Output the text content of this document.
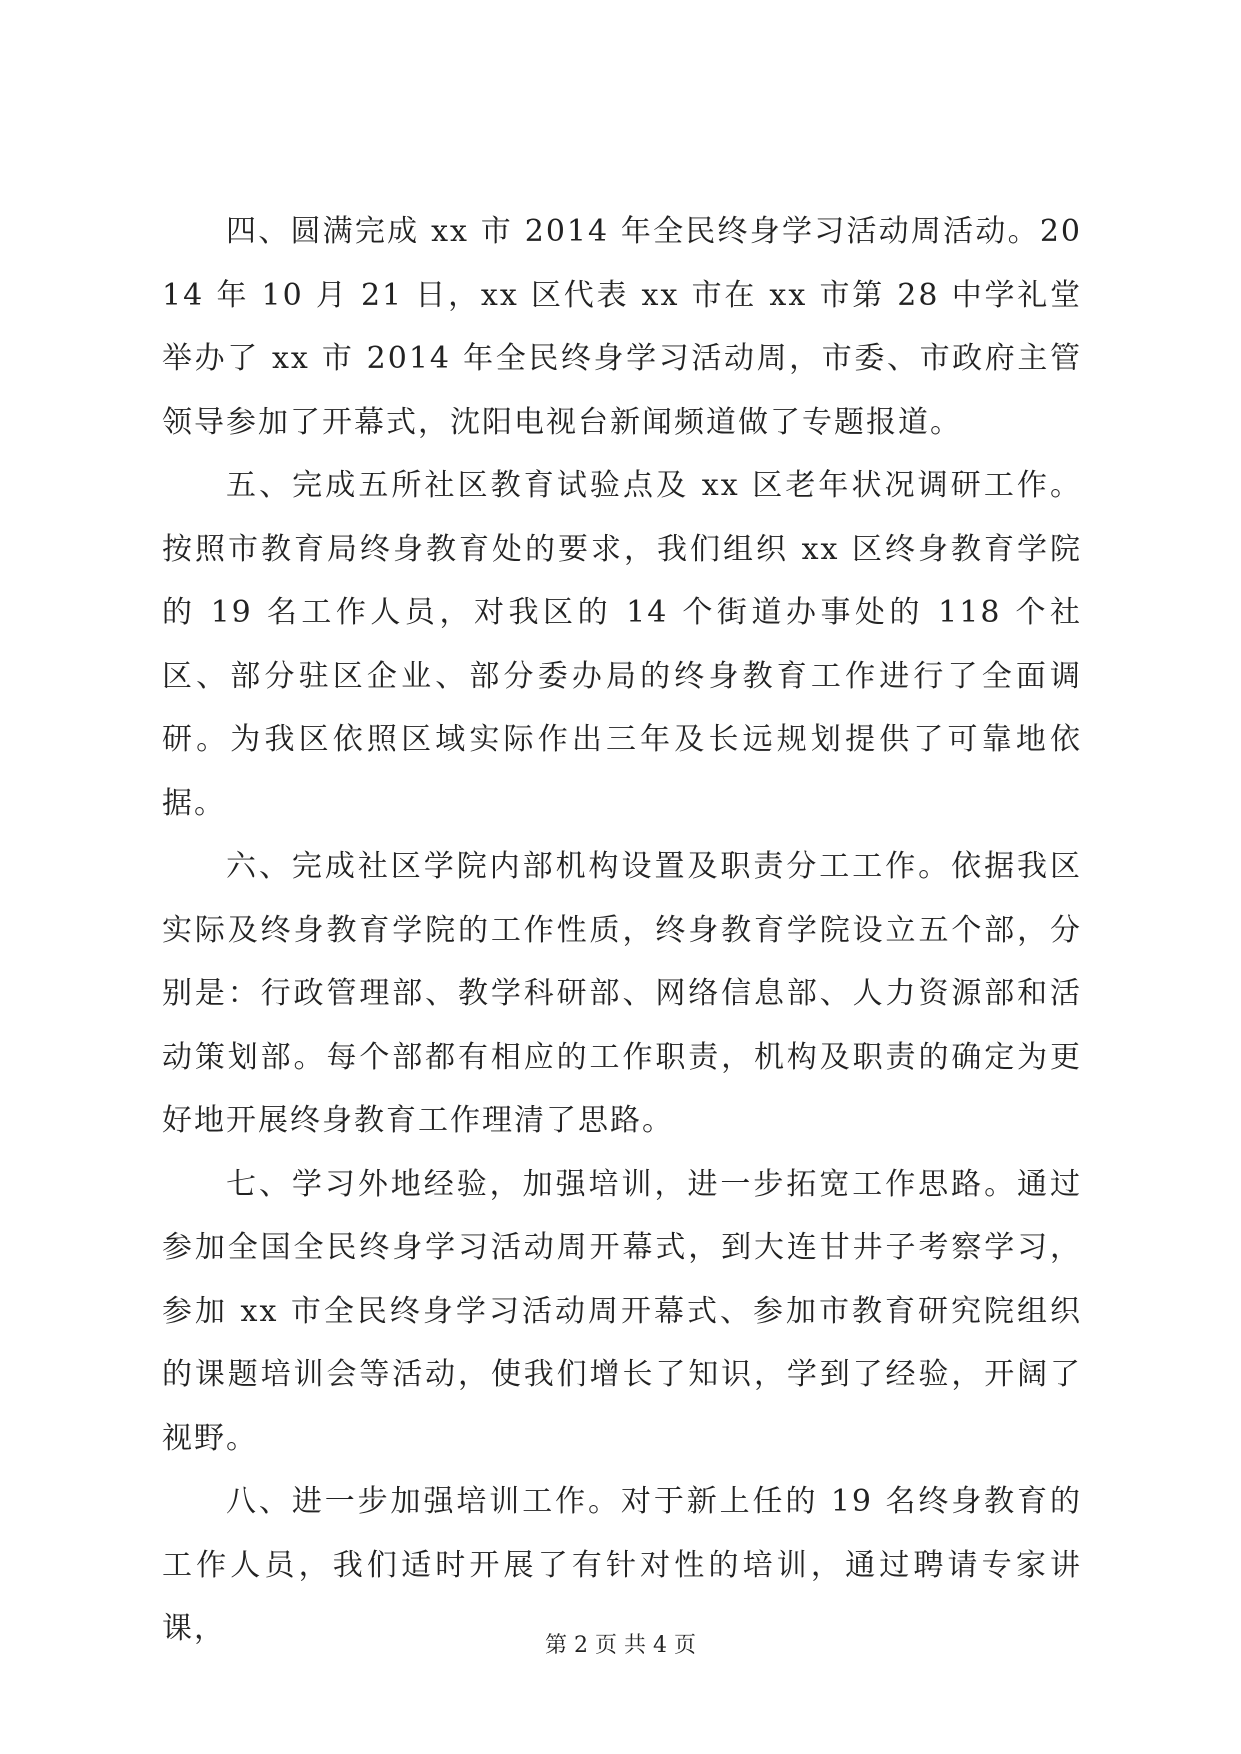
四、圆满完成 xx 市 2014 年全民终身学习活动周活动。2014 年 10 月 21 日，xx 区代表 xx 市在 xx 市第 28 中学礼堂举办了 xx 市 2014 年全民终身学习活动周，市委、市政府主管领导参加了开幕式，沈阳电视台新闻频道做了专题报道。

五、完成五所社区教育试验点及 xx 区老年状况调研工作。按照市教育局终身教育处的要求，我们组织 xx 区终身教育学院的 19 名工作人员，对我区的 14 个街道办事处的 118 个社区、部分驻区企业、部分委办局的终身教育工作进行了全面调研。为我区依照区域实际作出三年及长远规划提供了可靠地依据。

六、完成社区学院内部机构设置及职责分工工作。依据我区实际及终身教育学院的工作性质，终身教育学院设立五个部，分别是：行政管理部、教学科研部、网络信息部、人力资源部和活动策划部。每个部都有相应的工作职责，机构及职责的确定为更好地开展终身教育工作理清了思路。

七、学习外地经验，加强培训，进一步拓宽工作思路。通过参加全国全民终身学习活动周开幕式，到大连甘井子考察学习，参加 xx 市全民终身学习活动周开幕式、参加市教育研究院组织的课题培训会等活动，使我们增长了知识，学到了经验，开阔了视野。

八、进一步加强培训工作。对于新上任的 19 名终身教育的工作人员，我们适时开展了有针对性的培训，通过聘请专家讲课，	第 2 页 共 4 页
